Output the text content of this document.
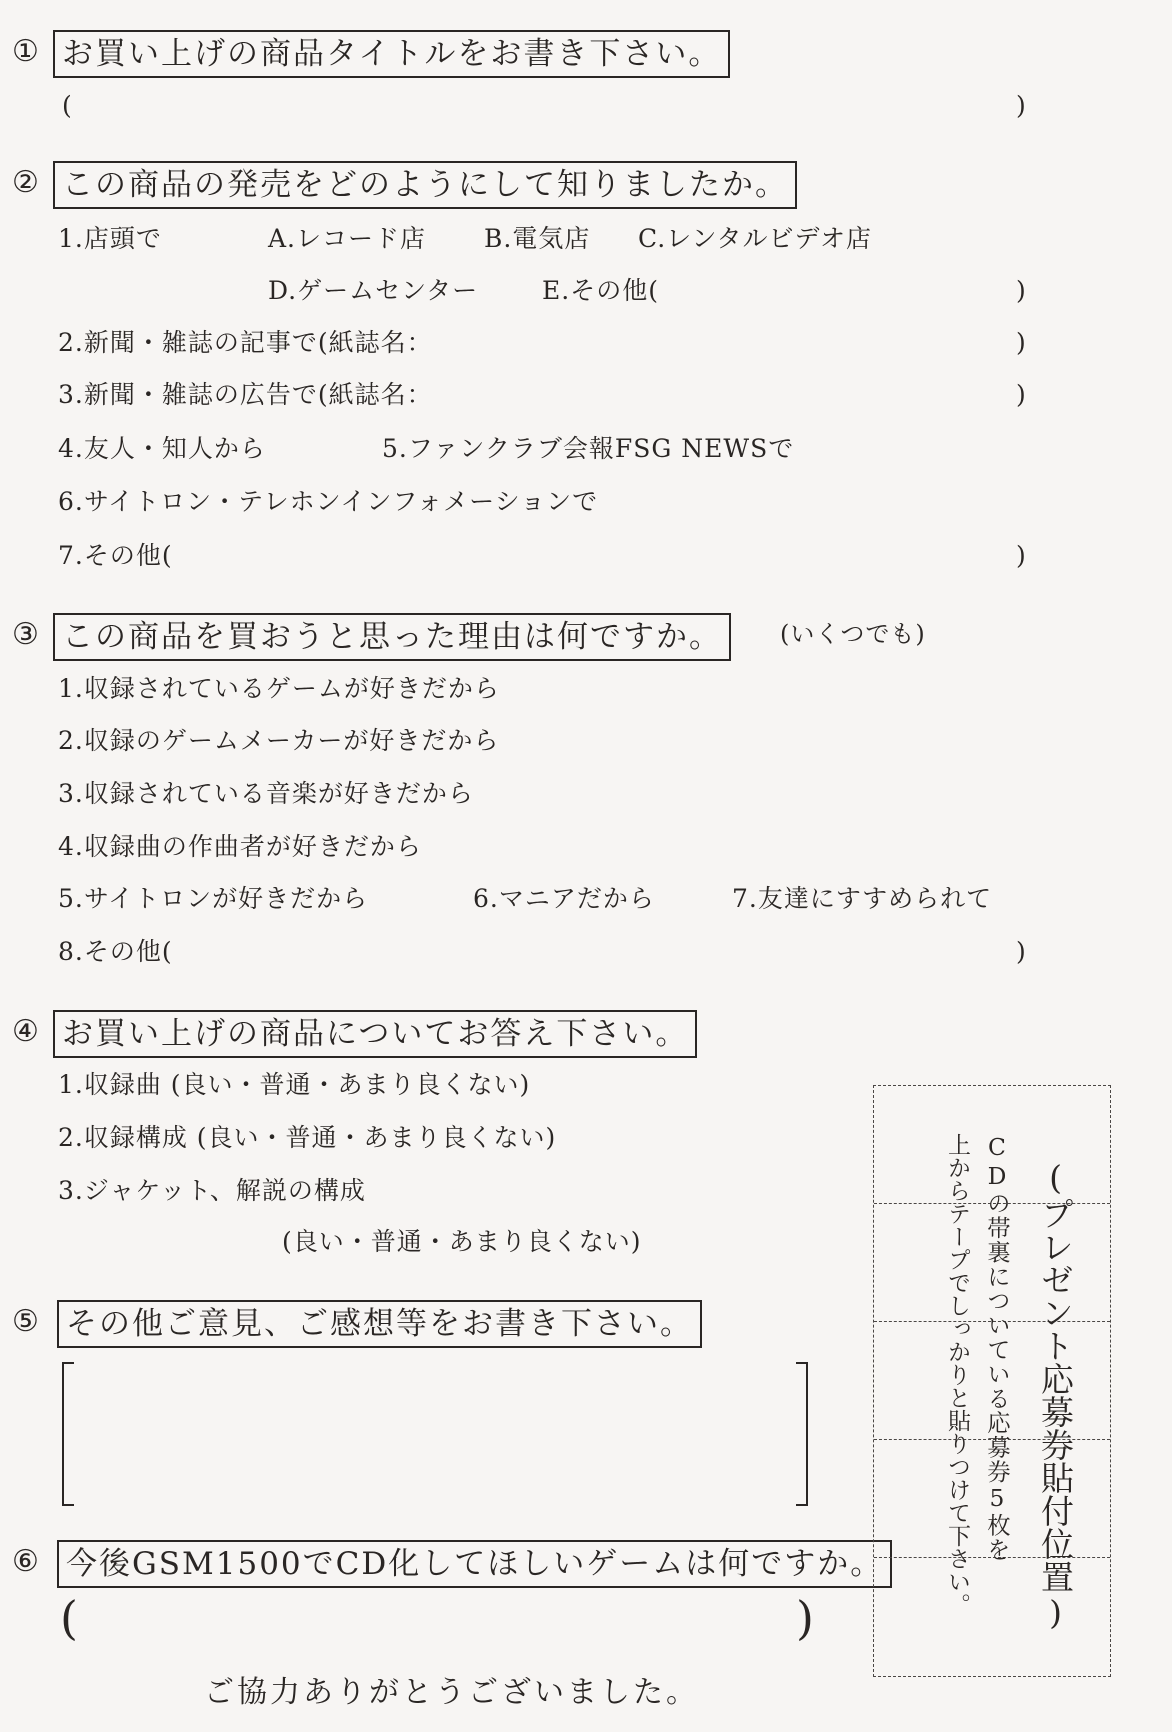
① お買い上げの商品タイトルをお書き下さい。
(	)
② この商品の発売をどのようにして知りましたか。
1.店頭で	A.レコード店 B.電気店 C.レンタルビデオ店
D.ゲームセンター	E.その他(	)
2.新聞・雑誌の記事で(紙誌名：	)
3.新聞・雑誌の広告で(紙誌名：	)
4.友人・知人から	5.ファンクラブ会報FSG NEWSで
6.サイトロン・テレホンインフォメーションで
7.その他(	)
③ この商品を買おうと思った理由は何ですか。	(いくつでも)
1.収録されているゲームが好きだから
2.収録のゲームメーカーが好きだから
3.収録されている音楽が好きだから
4.収録曲の作曲者が好きだから
5.サイトロンが好きだから	6.マニアだから	7.友達にすすめられて
8.その他(	)
④ お買い上げの商品についてお答え下さい。
1.収録曲 (良い・普通・あまり良くない)
2.収録構成 (良い・普通・あまり良くない)
3.ジャケット、解説の構成
(良い・普通・あまり良くない)
⑤ その他ご意見、ご感想等をお書き下さい。
⑥ 今後GSM1500でCD化してほしいゲームは何ですか。
(	)
ご協力ありがとうございました。
(プレゼント応募券貼付位置)
CDの帯裏についている応募券5枚を
上からテープでしっかりと貼りつけて下さい。
